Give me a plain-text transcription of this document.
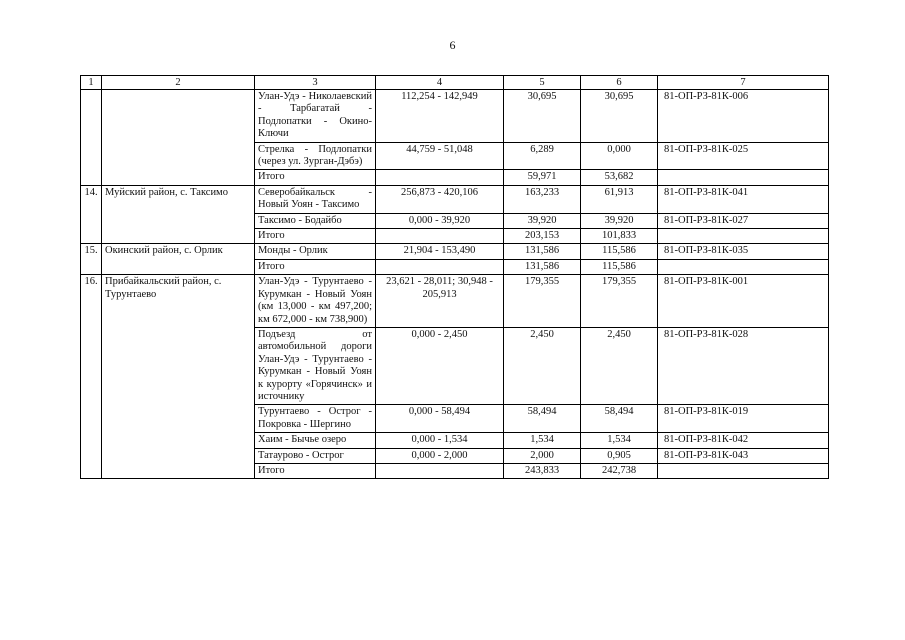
6
1	2	3	4	5	6	7
		Улан-Удэ - Николаевский - Тарбагатай - Подлопатки - Окино-Ключи	112,254 - 142,949	30,695	30,695	81-ОП-РЗ-81К-006
		Стрелка - Подлопатки (через ул. Зурган-Дэбэ)	44,759 - 51,048	6,289	0,000	81-ОП-РЗ-81К-025
		Итого		59,971	53,682	
14.	Муйский район, с. Таксимо	Северобайкальск - Новый Уоян - Таксимо	256,873 - 420,106	163,233	61,913	81-ОП-РЗ-81К-041
		Таксимо - Бодайбо	0,000 - 39,920	39,920	39,920	81-ОП-РЗ-81К-027
		Итого		203,153	101,833	
15.	Окинский район, с. Орлик	Монды - Орлик	21,904 - 153,490	131,586	115,586	81-ОП-РЗ-81К-035
		Итого		131,586	115,586	
16.	Прибайкальский район, с. Турунтаево	Улан-Удэ - Турунтаево - Курумкан - Новый Уоян (км 13,000 - км 497,200; км 672,000 - км 738,900)	23,621 - 28,011; 30,948 - 205,913	179,355	179,355	81-ОП-РЗ-81К-001
		Подъезд от автомобильной дороги Улан-Удэ - Турунтаево - Курумкан - Новый Уоян к курорту «Горячинск» и источнику	0,000 - 2,450	2,450	2,450	81-ОП-РЗ-81К-028
		Турунтаево - Острог - Покровка - Шергино	0,000 - 58,494	58,494	58,494	81-ОП-РЗ-81К-019
		Хаим - Бычье озеро	0,000 - 1,534	1,534	1,534	81-ОП-РЗ-81К-042
		Татаурово - Острог	0,000 - 2,000	2,000	0,905	81-ОП-РЗ-81К-043
		Итого		243,833	242,738	
